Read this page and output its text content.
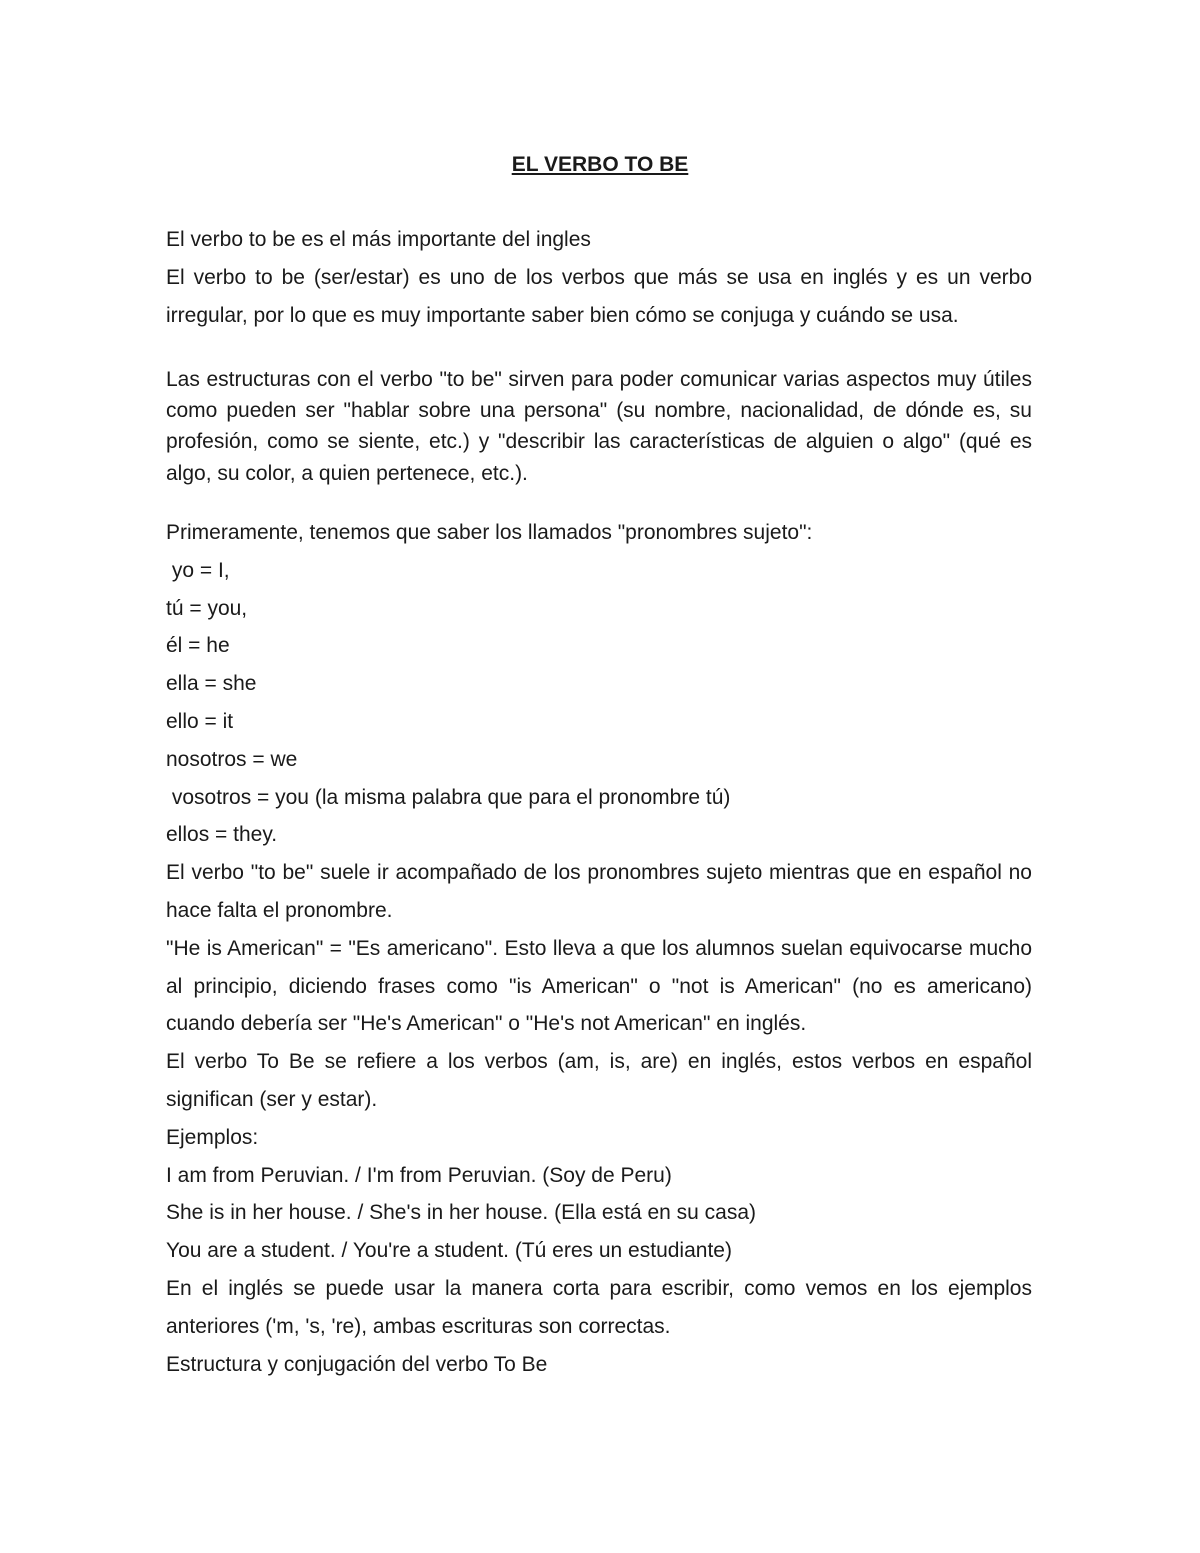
EL VERBO TO BE

El verbo to be es el más importante del ingles

El verbo to be (ser/estar) es uno de los verbos que más se usa en inglés y es un verbo irregular, por lo que es muy importante saber bien cómo se conjuga y cuándo se usa.

Las estructuras con el verbo "to be" sirven para poder comunicar varias aspectos muy útiles como pueden ser "hablar sobre una persona" (su nombre, nacionalidad, de dónde es, su profesión, como se siente, etc.) y "describir las características de alguien o algo" (qué es algo, su color, a quien pertenece, etc.).

Primeramente, tenemos que saber los llamados "pronombres sujeto":

yo = I,

tú = you,

él = he

ella = she

ello = it

nosotros = we

vosotros = you (la misma palabra que para el pronombre tú)

ellos = they.

El verbo "to be" suele ir acompañado de los pronombres sujeto mientras que en español no hace falta el pronombre.

"He is American" = "Es americano". Esto lleva a que los alumnos suelan equivocarse mucho al principio, diciendo frases como "is American" o "not is American" (no es americano) cuando debería ser "He's American" o "He's not American" en inglés.

El verbo To Be se refiere a los verbos (am, is, are) en inglés, estos verbos en español significan (ser y estar).

Ejemplos:

I am from Peruvian. / I'm from Peruvian. (Soy de Peru)

She is in her house. / She's in her house. (Ella está en su casa)

You are a student. / You're a student. (Tú eres un estudiante)

En el inglés se puede usar la manera corta para escribir, como vemos en los ejemplos anteriores ('m, 's, 're), ambas escrituras son correctas.

Estructura y conjugación del verbo To Be
